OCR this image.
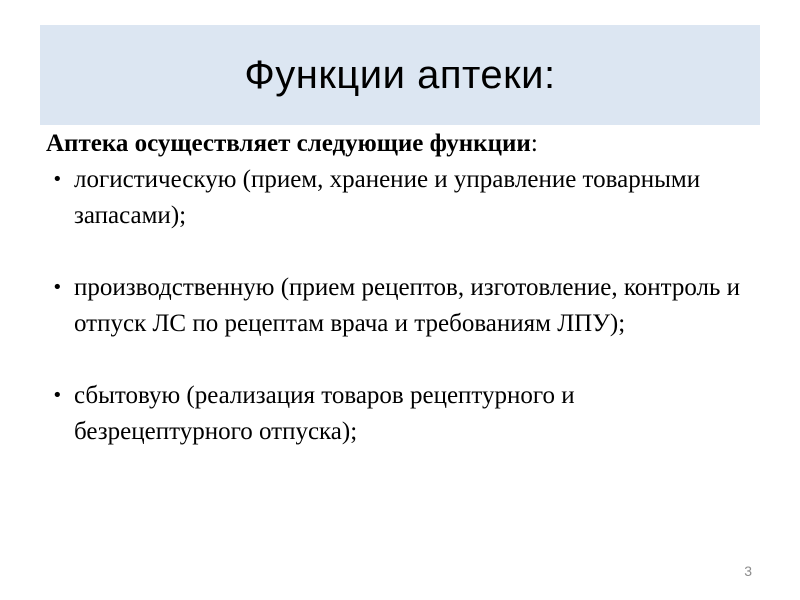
Функции аптеки:

Аптека осуществляет следующие функции:

• логистическую (прием, хранение и управление товарными запасами);
• производственную (прием рецептов, изготовление, контроль и отпуск ЛС по рецептам врача и требованиям ЛПУ);
• сбытовую (реализация товаров рецептурного и безрецептурного отпуска);
3
